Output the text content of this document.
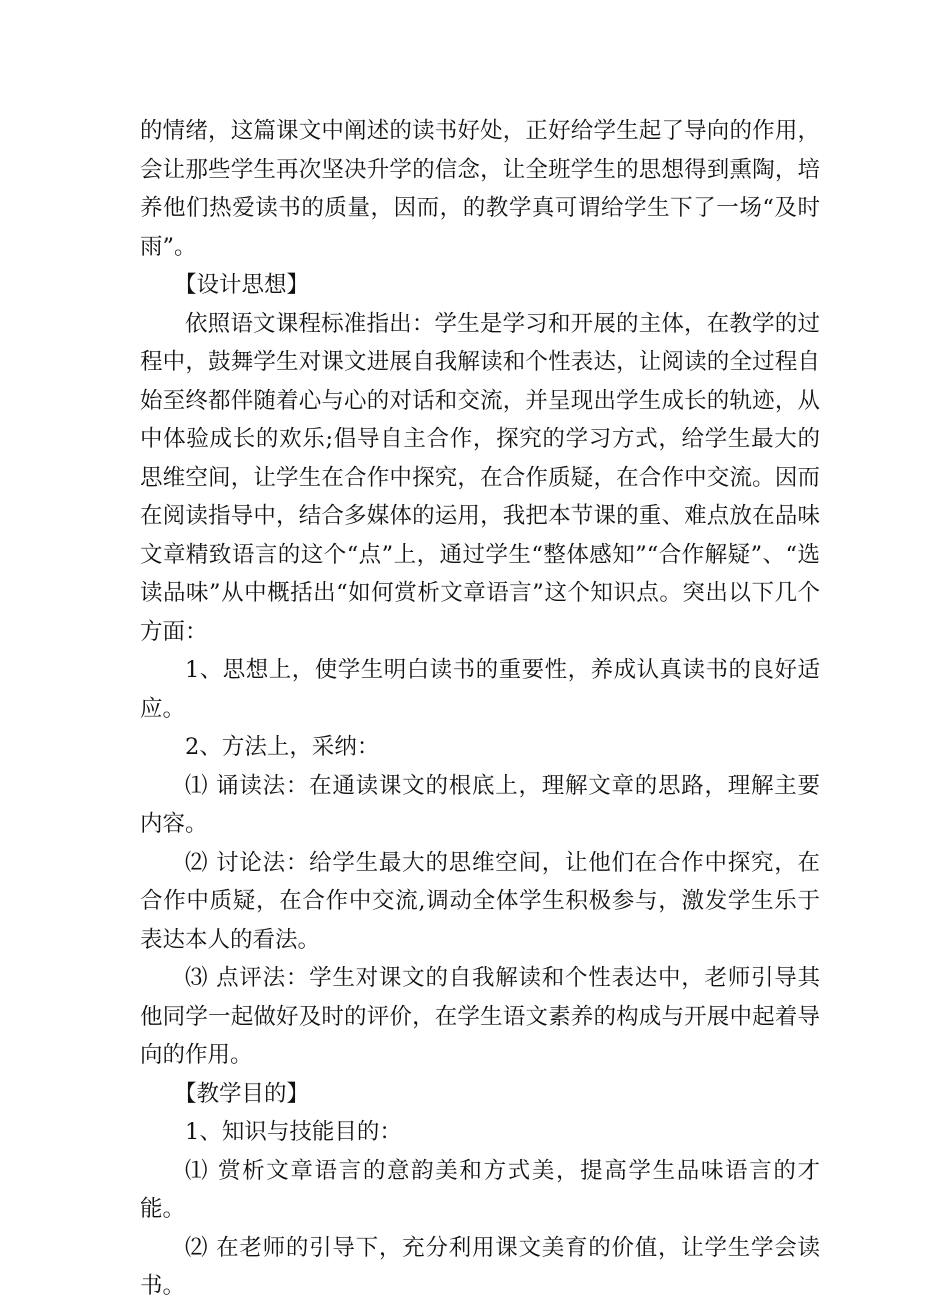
的情绪，这篇课文中阐述的读书好处，正好给学生起了导向的作用，会让那些学生再次坚决升学的信念，让全班学生的思想得到熏陶，培养他们热爱读书的质量，因而，的教学真可谓给学生下了一场“及时雨”。

【设计思想】

依照语文课程标准指出：学生是学习和开展的主体，在教学的过程中，鼓舞学生对课文进展自我解读和个性表达，让阅读的全过程自始至终都伴随着心与心的对话和交流，并呈现出学生成长的轨迹，从中体验成长的欢乐;倡导自主合作，探究的学习方式，给学生最大的思维空间，让学生在合作中探究，在合作质疑，在合作中交流。因而在阅读指导中，结合多媒体的运用，我把本节课的重、难点放在品味文章精致语言的这个“点”上，通过学生“整体感知”“合作解疑”、“选读品味”从中概括出“如何赏析文章语言”这个知识点。突出以下几个方面：

1、思想上，使学生明白读书的重要性，养成认真读书的良好适应。

2、方法上，采纳：

⑴ 诵读法：在通读课文的根底上，理解文章的思路，理解主要内容。

⑵ 讨论法：给学生最大的思维空间，让他们在合作中探究，在合作中质疑，在合作中交流,调动全体学生积极参与，激发学生乐于表达本人的看法。

⑶ 点评法：学生对课文的自我解读和个性表达中，老师引导其他同学一起做好及时的评价，在学生语文素养的构成与开展中起着导向的作用。

【教学目的】

1、知识与技能目的：

⑴ 赏析文章语言的意韵美和方式美，提高学生品味语言的才能。

⑵ 在老师的引导下，充分利用课文美育的价值，让学生学会读书。
